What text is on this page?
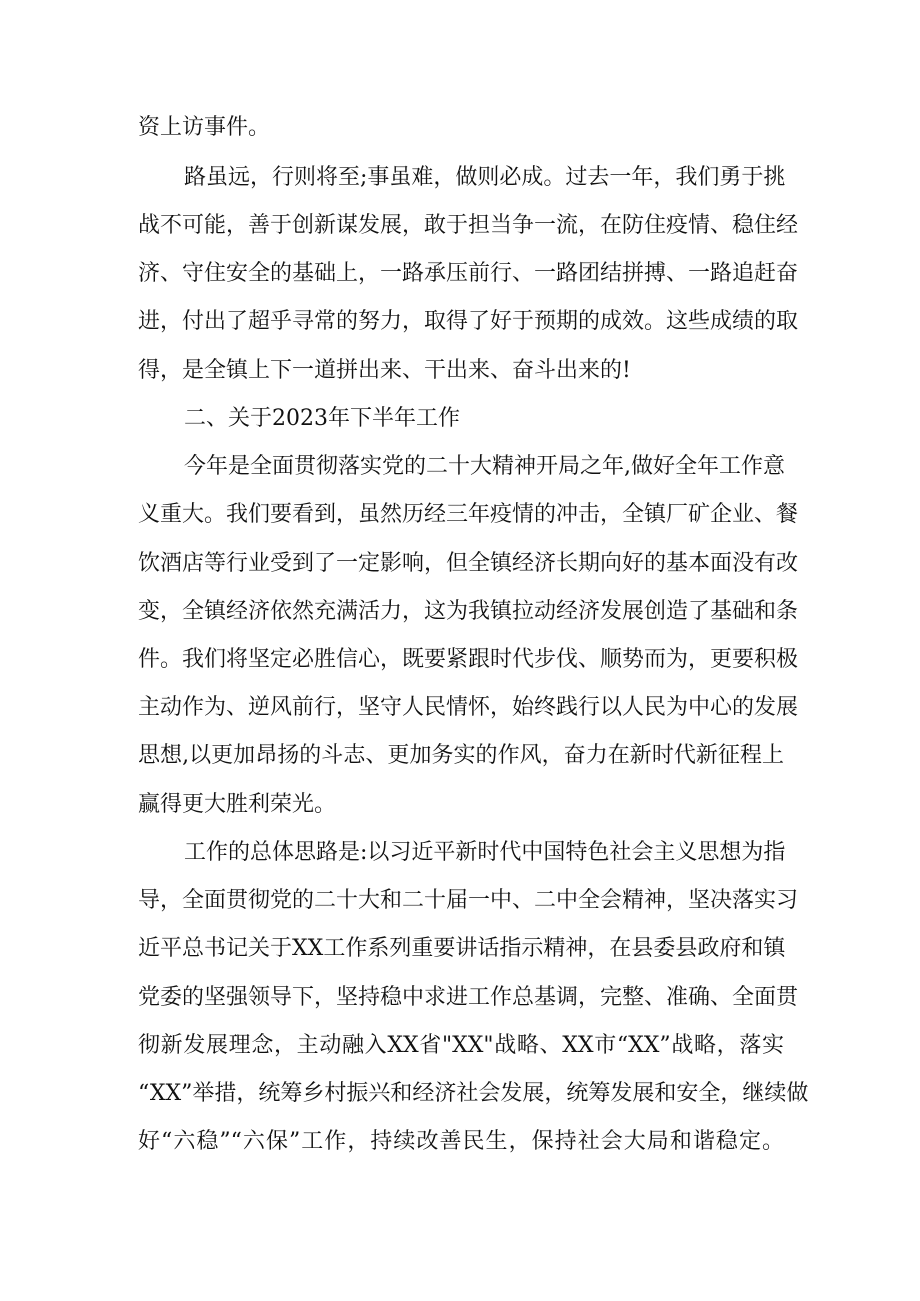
资上访事件。
路虽远，行则将至;事虽难，做则必成。过去一年，我们勇于挑
战不可能，善于创新谋发展，敢于担当争一流，在防住疫情、稳住经
济、守住安全的基础上，一路承压前行、一路团结拼搏、一路追赶奋
进，付出了超乎寻常的努力，取得了好于预期的成效。这些成绩的取
得，是全镇上下一道拼出来、干出来、奋斗出来的!
二、关于2023年下半年工作
今年是全面贯彻落实党的二十大精神开局之年,做好全年工作意
义重大。我们要看到，虽然历经三年疫情的冲击，全镇厂矿企业、餐
饮酒店等行业受到了一定影响，但全镇经济长期向好的基本面没有改
变，全镇经济依然充满活力，这为我镇拉动经济发展创造了基础和条
件。我们将坚定必胜信心，既要紧跟时代步伐、顺势而为，更要积极
主动作为、逆风前行，坚守人民情怀，始终践行以人民为中心的发展
思想,以更加昂扬的斗志、更加务实的作风，奋力在新时代新征程上
赢得更大胜利荣光。
工作的总体思路是:以习近平新时代中国特色社会主义思想为指
导，全面贯彻党的二十大和二十届一中、二中全会精神，坚决落实习
近平总书记关于XX工作系列重要讲话指示精神，在县委县政府和镇
党委的坚强领导下，坚持稳中求进工作总基调，完整、准确、全面贯
彻新发展理念，主动融入XX省"XX"战略、XX市“XX”战略，落实
“XX”举措，统筹乡村振兴和经济社会发展，统筹发展和安全，继续做
好“六稳”“六保”工作，持续改善民生，保持社会大局和谐稳定。
